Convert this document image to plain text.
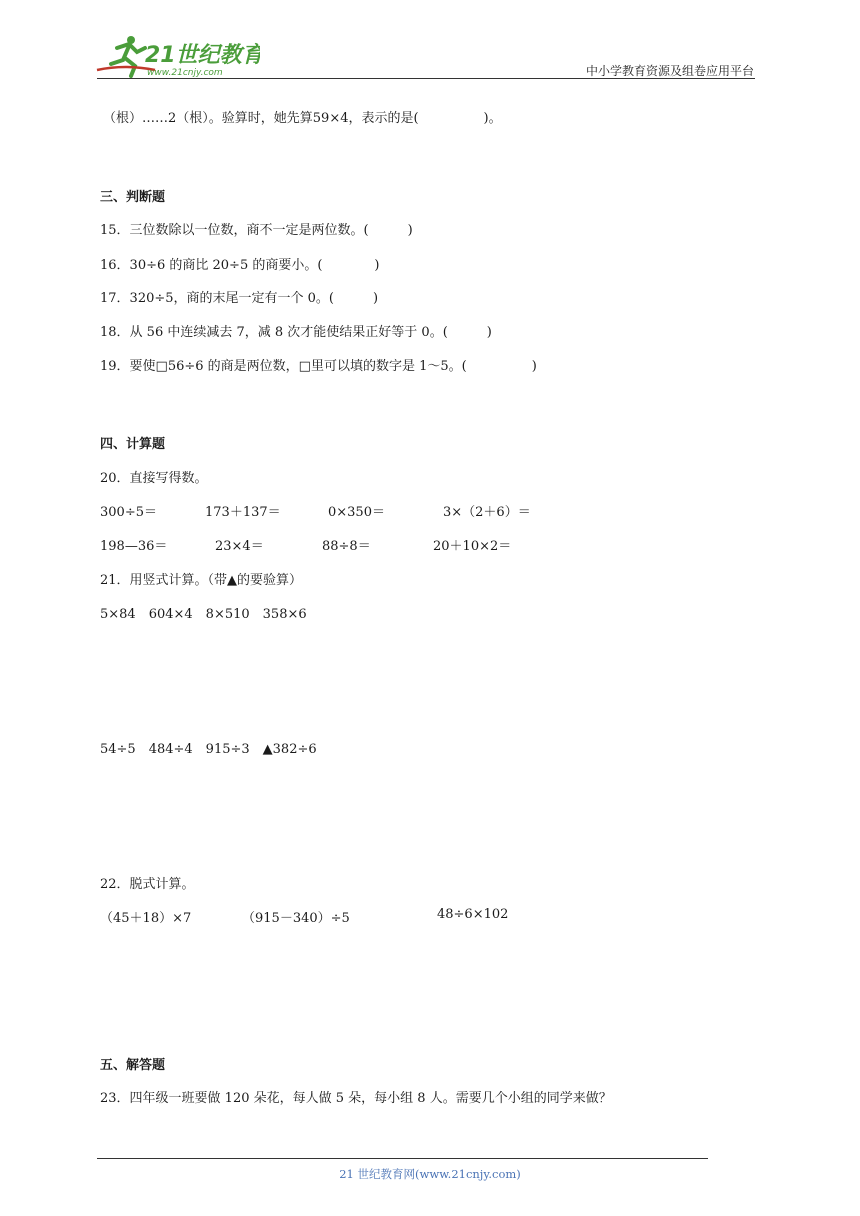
21世纪教育
www.21cnjy.com	中小学教育资源及组卷应用平台
（根）……2（根）。验算时，她先算59×4，表示的是(　　　　　)。
三、判断题
15．三位数除以一位数，商不一定是两位数。(　　　)
16．30÷6 的商比 20÷5 的商要小。(　　　　)
17．320÷5，商的末尾一定有一个 0。(　　　)
18．从 56 中连续减去 7，减 8 次才能使结果正好等于 0。(　　　)
19．要使□56÷6 的商是两位数，□里可以填的数字是 1～5。(　　　　　)
四、计算题
20．直接写得数。
300÷5＝	173＋137＝	0×350＝	3×（2＋6）＝
198—36＝	23×4＝	88÷8＝	20＋10×2＝
21．用竖式计算。（带▲的要验算）
5×84　604×4　8×510　358×6
54÷5　484÷4　915÷3　▲382÷6
22．脱式计算。
（45＋18）×7	（915－340）÷5	48÷6×102
五、解答题
23．四年级一班要做 120 朵花，每人做 5 朵，每小组 8 人。需要几个小组的同学来做？
21 世纪教育网(www.21cnjy.com)
